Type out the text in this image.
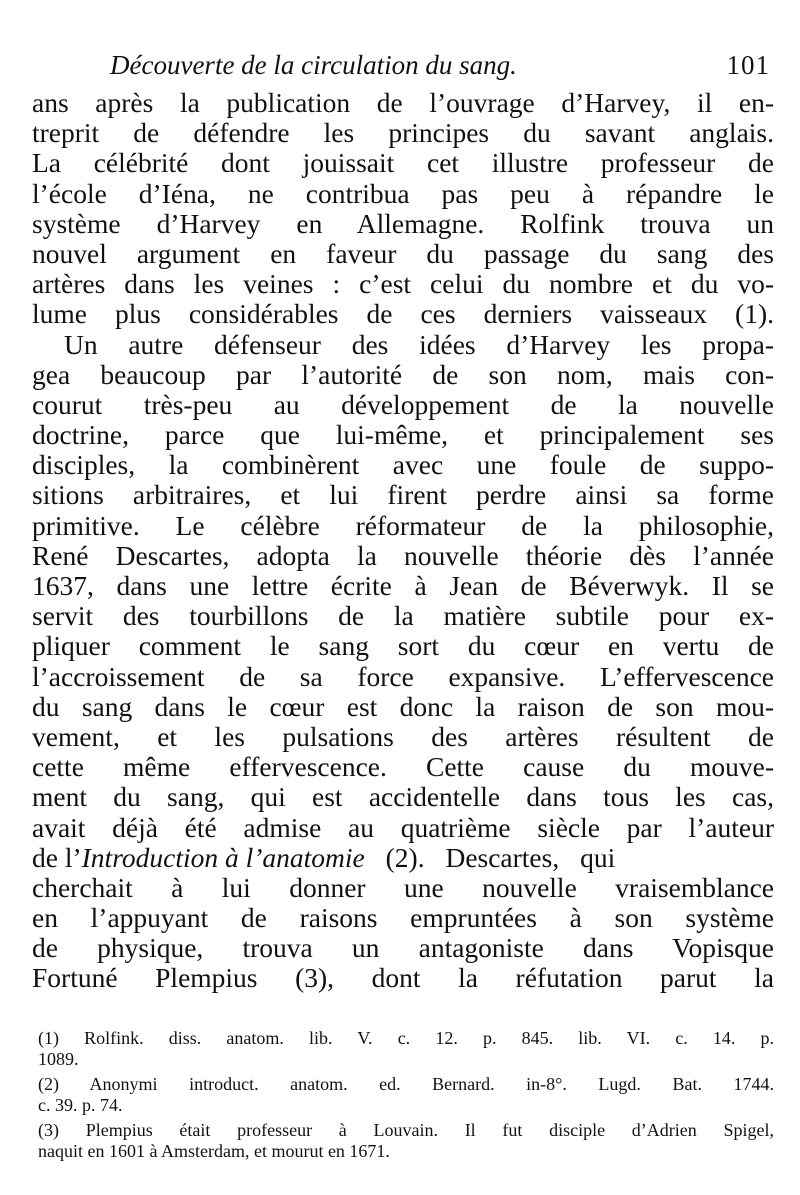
Découverte de la circulation du sang.	101
ans après la publication de l’ouvrage d’Harvey, il en-
treprit de défendre les principes du savant anglais.
La célébrité dont jouissait cet illustre professeur de
l’école d’Iéna, ne contribua pas peu à répandre le
système d’Harvey en Allemagne. Rolfink trouva un
nouvel argument en faveur du passage du sang des
artères dans les veines : c’est celui du nombre et du vo-
lume plus considérables de ces derniers vaisseaux (1).
Un autre défenseur des idées d’Harvey les propa-
gea beaucoup par l’autorité de son nom, mais con-
courut très-peu au développement de la nouvelle
doctrine, parce que lui-même, et principalement ses
disciples, la combinèrent avec une foule de suppo-
sitions arbitraires, et lui firent perdre ainsi sa forme
primitive. Le célèbre réformateur de la philosophie,
René Descartes, adopta la nouvelle théorie dès l’année
1637, dans une lettre écrite à Jean de Béverwyk. Il se
servit des tourbillons de la matière subtile pour ex-
pliquer comment le sang sort du cœur en vertu de
l’accroissement de sa force expansive. L’effervescence
du sang dans le cœur est donc la raison de son mou-
vement, et les pulsations des artères résultent de
cette même effervescence. Cette cause du mouve-
ment du sang, qui est accidentelle dans tous les cas,
avait déjà été admise au quatrième siècle par l’auteur
de l’Introduction à l’anatomie (2). Descartes, qui
cherchait à lui donner une nouvelle vraisemblance
en l’appuyant de raisons empruntées à son système
de physique, trouva un antagoniste dans Vopisque
Fortuné Plempius (3), dont la réfutation parut la
(1) Rolfink. diss. anatom. lib. V. c. 12. p. 845. lib. VI. c. 14. p.
1089.
(2) Anonymi introduct. anatom. ed. Bernard. in-8°. Lugd. Bat. 1744.
c. 39. p. 74.
(3) Plempius était professeur à Louvain. Il fut disciple d’Adrien Spigel,
naquit en 1601 à Amsterdam, et mourut en 1671.
